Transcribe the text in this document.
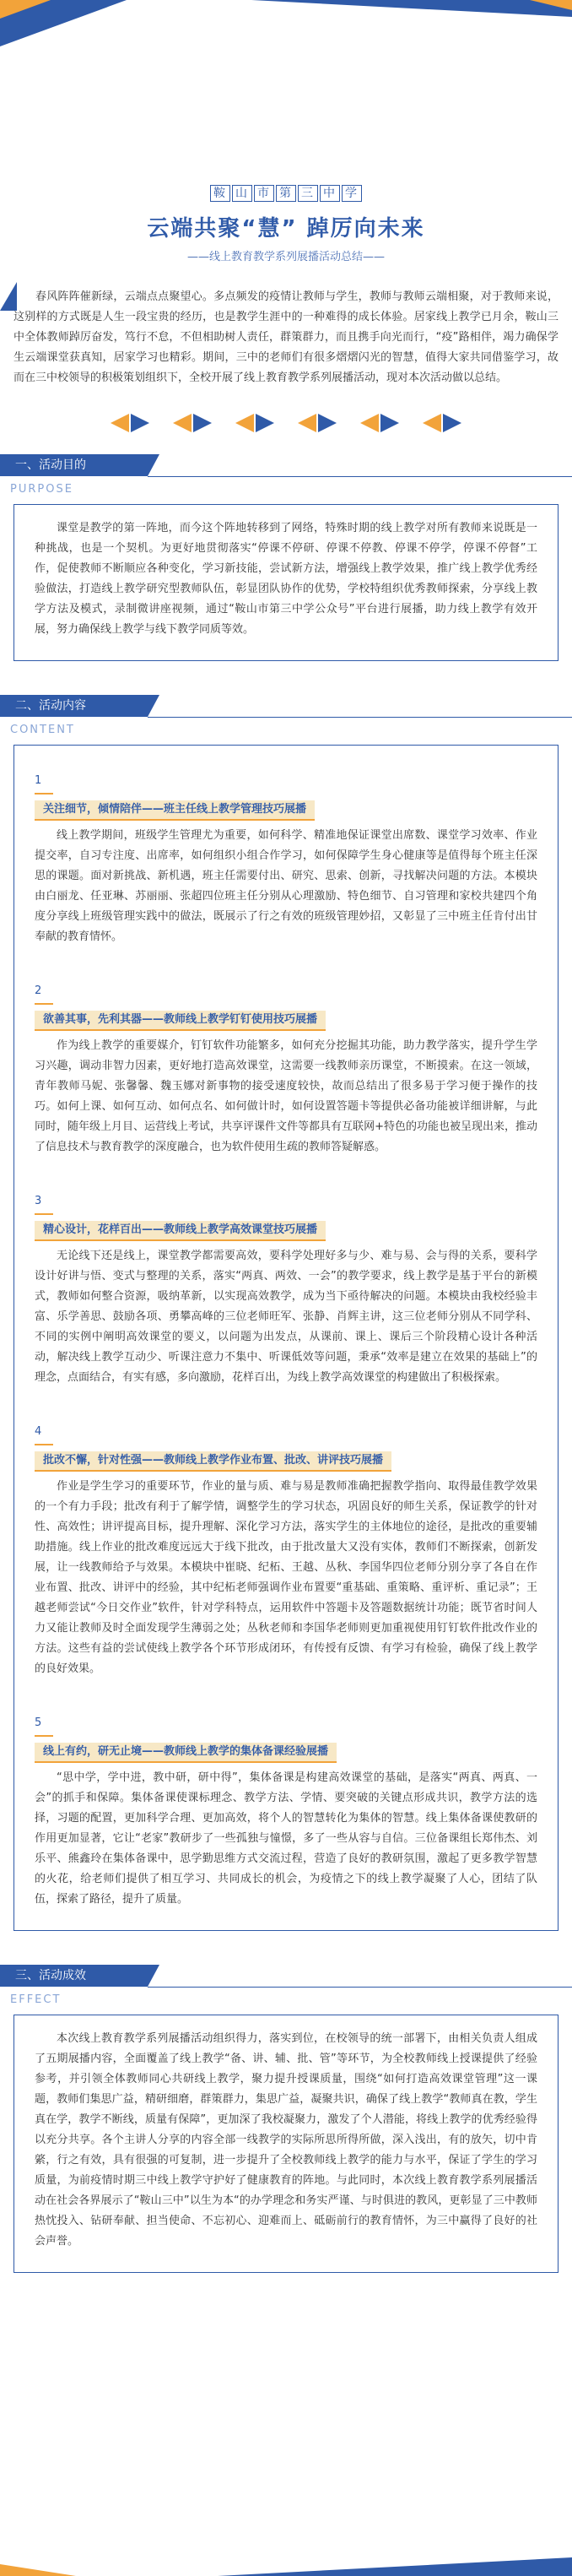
鞍 山 市 第 三 中 学
云端共聚“慧” 踔厉向未来
——线上教育教学系列展播活动总结——

春风阵阵催新绿，云端点点聚望心。多点频发的疫情让教师与学生，教师与教师云端相聚，对于教师来说，这别样的方式既是人生一段宝贵的经历，也是教学生涯中的一种难得的成长体验。居家线上教学已月余，鞍山三中全体教师踔厉奋发，笃行不怠，不但相助树人责任，群策群力，而且携手向光而行，“疫”路相伴，竭力确保学生云端课堂获真知，居家学习也精彩。期间，三中的老师们有很多熠熠闪光的智慧，值得大家共同借鉴学习，故而在三中校领导的积极策划组织下，全校开展了线上教育教学系列展播活动，现对本次活动做以总结。

一、活动目的
PURPOSE

课堂是教学的第一阵地，而今这个阵地转移到了网络，特殊时期的线上教学对所有教师来说既是一种挑战，也是一个契机。为更好地贯彻落实“停课不停研、停课不停教、停课不停学，停课不停督”工作，促使教师不断顺应各种变化，学习新技能，尝试新方法，增强线上教学效果，推广线上教学优秀经验做法，打造线上教学研究型教师队伍，彰显团队协作的优势，学校特组织优秀教师探索，分享线上教学方法及模式，录制微讲座视频，通过“鞍山市第三中学公众号”平台进行展播，助力线上教学有效开展，努力确保线上教学与线下教学同质等效。

二、活动内容
CONTENT
1
关注细节，倾情陪伴——班主任线上教学管理技巧展播

线上教学期间，班级学生管理尤为重要，如何科学、精准地保证课堂出席数、课堂学习效率、作业提交率，自习专注度、出席率，如何组织小组合作学习，如何保障学生身心健康等是值得每个班主任深思的课题。面对新挑战、新机遇，班主任需要付出、研究、思索、创新，寻找解决问题的方法。本模块由白丽龙、任亚琳、苏丽丽、张超四位班主任分别从心理激励、特色细节、自习管理和家校共建四个角度分享线上班级管理实践中的做法，既展示了行之有效的班级管理妙招，又彰显了三中班主任肯付出甘奉献的教育情怀。

2
欲善其事，先利其器——教师线上教学钉钉使用技巧展播

作为线上教学的重要媒介，钉钉软件功能繁多，如何充分挖掘其功能，助力教学落实，提升学生学习兴趣，调动非智力因素，更好地打造高效课堂，这需要一线教师亲历课堂，不断摸索。在这一领域，青年教师马妮、张馨馨、魏玉娜对新事物的接受速度较快，故而总结出了很多易于学习便于操作的技巧。如何上课、如何互动、如何点名、如何做计时，如何设置答题卡等提供必备功能被详细讲解，与此同时，随年级上月目、运营线上考试，共享评课件文件等都具有互联网+特色的功能也被呈现出来，推动了信息技术与教育教学的深度融合，也为软件使用生疏的教师答疑解惑。

3
精心设计，花样百出——教师线上教学高效课堂技巧展播

无论线下还是线上，课堂教学都需要高效，要科学处理好多与少、难与易、会与得的关系，要科学设计好讲与悟、变式与整理的关系，落实“两真、两效、一会”的教学要求，线上教学是基于平台的新模式，教师如何整合资源，吸纳革新，以实现高效教学，成为当下亟待解决的问题。本模块由我校经验丰富、乐学善思、鼓励各项、勇攀高峰的三位老师旺军、张静、肖辉主讲，这三位老师分别从不同学科、不同的实例中阐明高效课堂的要义，以问题为出发点，从课前、课上、课后三个阶段精心设计各种活动，解决线上教学互动少、听课注意力不集中、听课低效等问题，秉承“效率是建立在效果的基础上”的理念，点面结合，有实有感，多向激励，花样百出，为线上教学高效课堂的构建做出了积极探索。

4
批改不懈，针对性强——教师线上教学作业布置、批改、讲评技巧展播

作业是学生学习的重要环节，作业的量与质、难与易是教师准确把握教学指向、取得最佳教学效果的一个有力手段；批改有利于了解学情，调整学生的学习状态，巩固良好的师生关系，保证教学的针对性、高效性；讲评提高目标，提升理解、深化学习方法，落实学生的主体地位的途径，是批改的重要辅助措施。线上作业的批改难度远远大于线下批改，由于批改量大又没有实体，教师们不断探索，创新发展，让一线教师给予与效果。本模块中崔晓、纪柘、王越、丛秋、李国华四位老师分别分享了各自在作业布置、批改、讲评中的经验，其中纪柘老师强调作业布置要“重基础、重策略、重评析、重记录”；王越老师尝试“今日交作业”软件，针对学科特点，运用软件中答题卡及答题数据统计功能；既节省时间人力又能让教师及时全面发现学生薄弱之处；丛秋老师和李国华老师则更加重视使用钉钉软件批改作业的方法。这些有益的尝试使线上教学各个环节形成闭环，有传授有反馈、有学习有检验，确保了线上教学的良好效果。

5
线上有约，研无止境——教师线上教学的集体备课经验展播

“思中学，学中进，教中研，研中得”，集体备课是构建高效课堂的基础，是落实“两真、两真、一会”的抓手和保障。集体备课使课标理念、教学方法、学情、要突破的关键点形成共识，教学方法的选择，习题的配置，更加科学合理、更加高效，将个人的智慧转化为集体的智慧。线上集体备课使教研的作用更加显著，它让“老家”教研步了一些孤独与憧憬，多了一些从容与自信。三位备课组长郑伟杰、刘乐平、熊鑫玲在集体备课中，思学勤思维方式交流过程，营造了良好的教研氛围，激起了更多教学智慧的火花，给老师们提供了相互学习、共同成长的机会，为疫情之下的线上教学凝聚了人心，团结了队伍，探索了路径，提升了质量。

三、活动成效
EFFECT

本次线上教育教学系列展播活动组织得力，落实到位，在校领导的统一部署下，由相关负责人组成了五期展播内容，全面覆盖了线上教学“备、讲、辅、批、管”等环节，为全校教师线上授课提供了经验参考，并引领全体教师同心共研线上教学，聚力提升授课质量，围绕“如何打造高效课堂管理”这一课题，教师们集思广益，精研细磨，群策群力，集思广益，凝聚共识，确保了线上教学“教师真在教，学生真在学，教学不断线，质量有保障”，更加深了我校凝聚力，激发了个人潜能，将线上教学的优秀经验得以充分共享。各个主讲人分享的内容全部一线教学的实际所思所得所做，深入浅出，有的放矢，切中肯綮，行之有效，具有很强的可复制，进一步提升了全校教师线上教学的能力与水平，保证了学生的学习质量，为前疫情时期三中线上教学守护好了健康教育的阵地。与此同时，本次线上教育教学系列展播活动在社会各界展示了“鞍山三中”以生为本“的办学理念和务实严谨、与时俱进的教风，更彰显了三中教师热忱投入、钻研奉献、担当使命、不忘初心、迎难而上、砥砺前行的教育情怀，为三中赢得了良好的社会声誉。
